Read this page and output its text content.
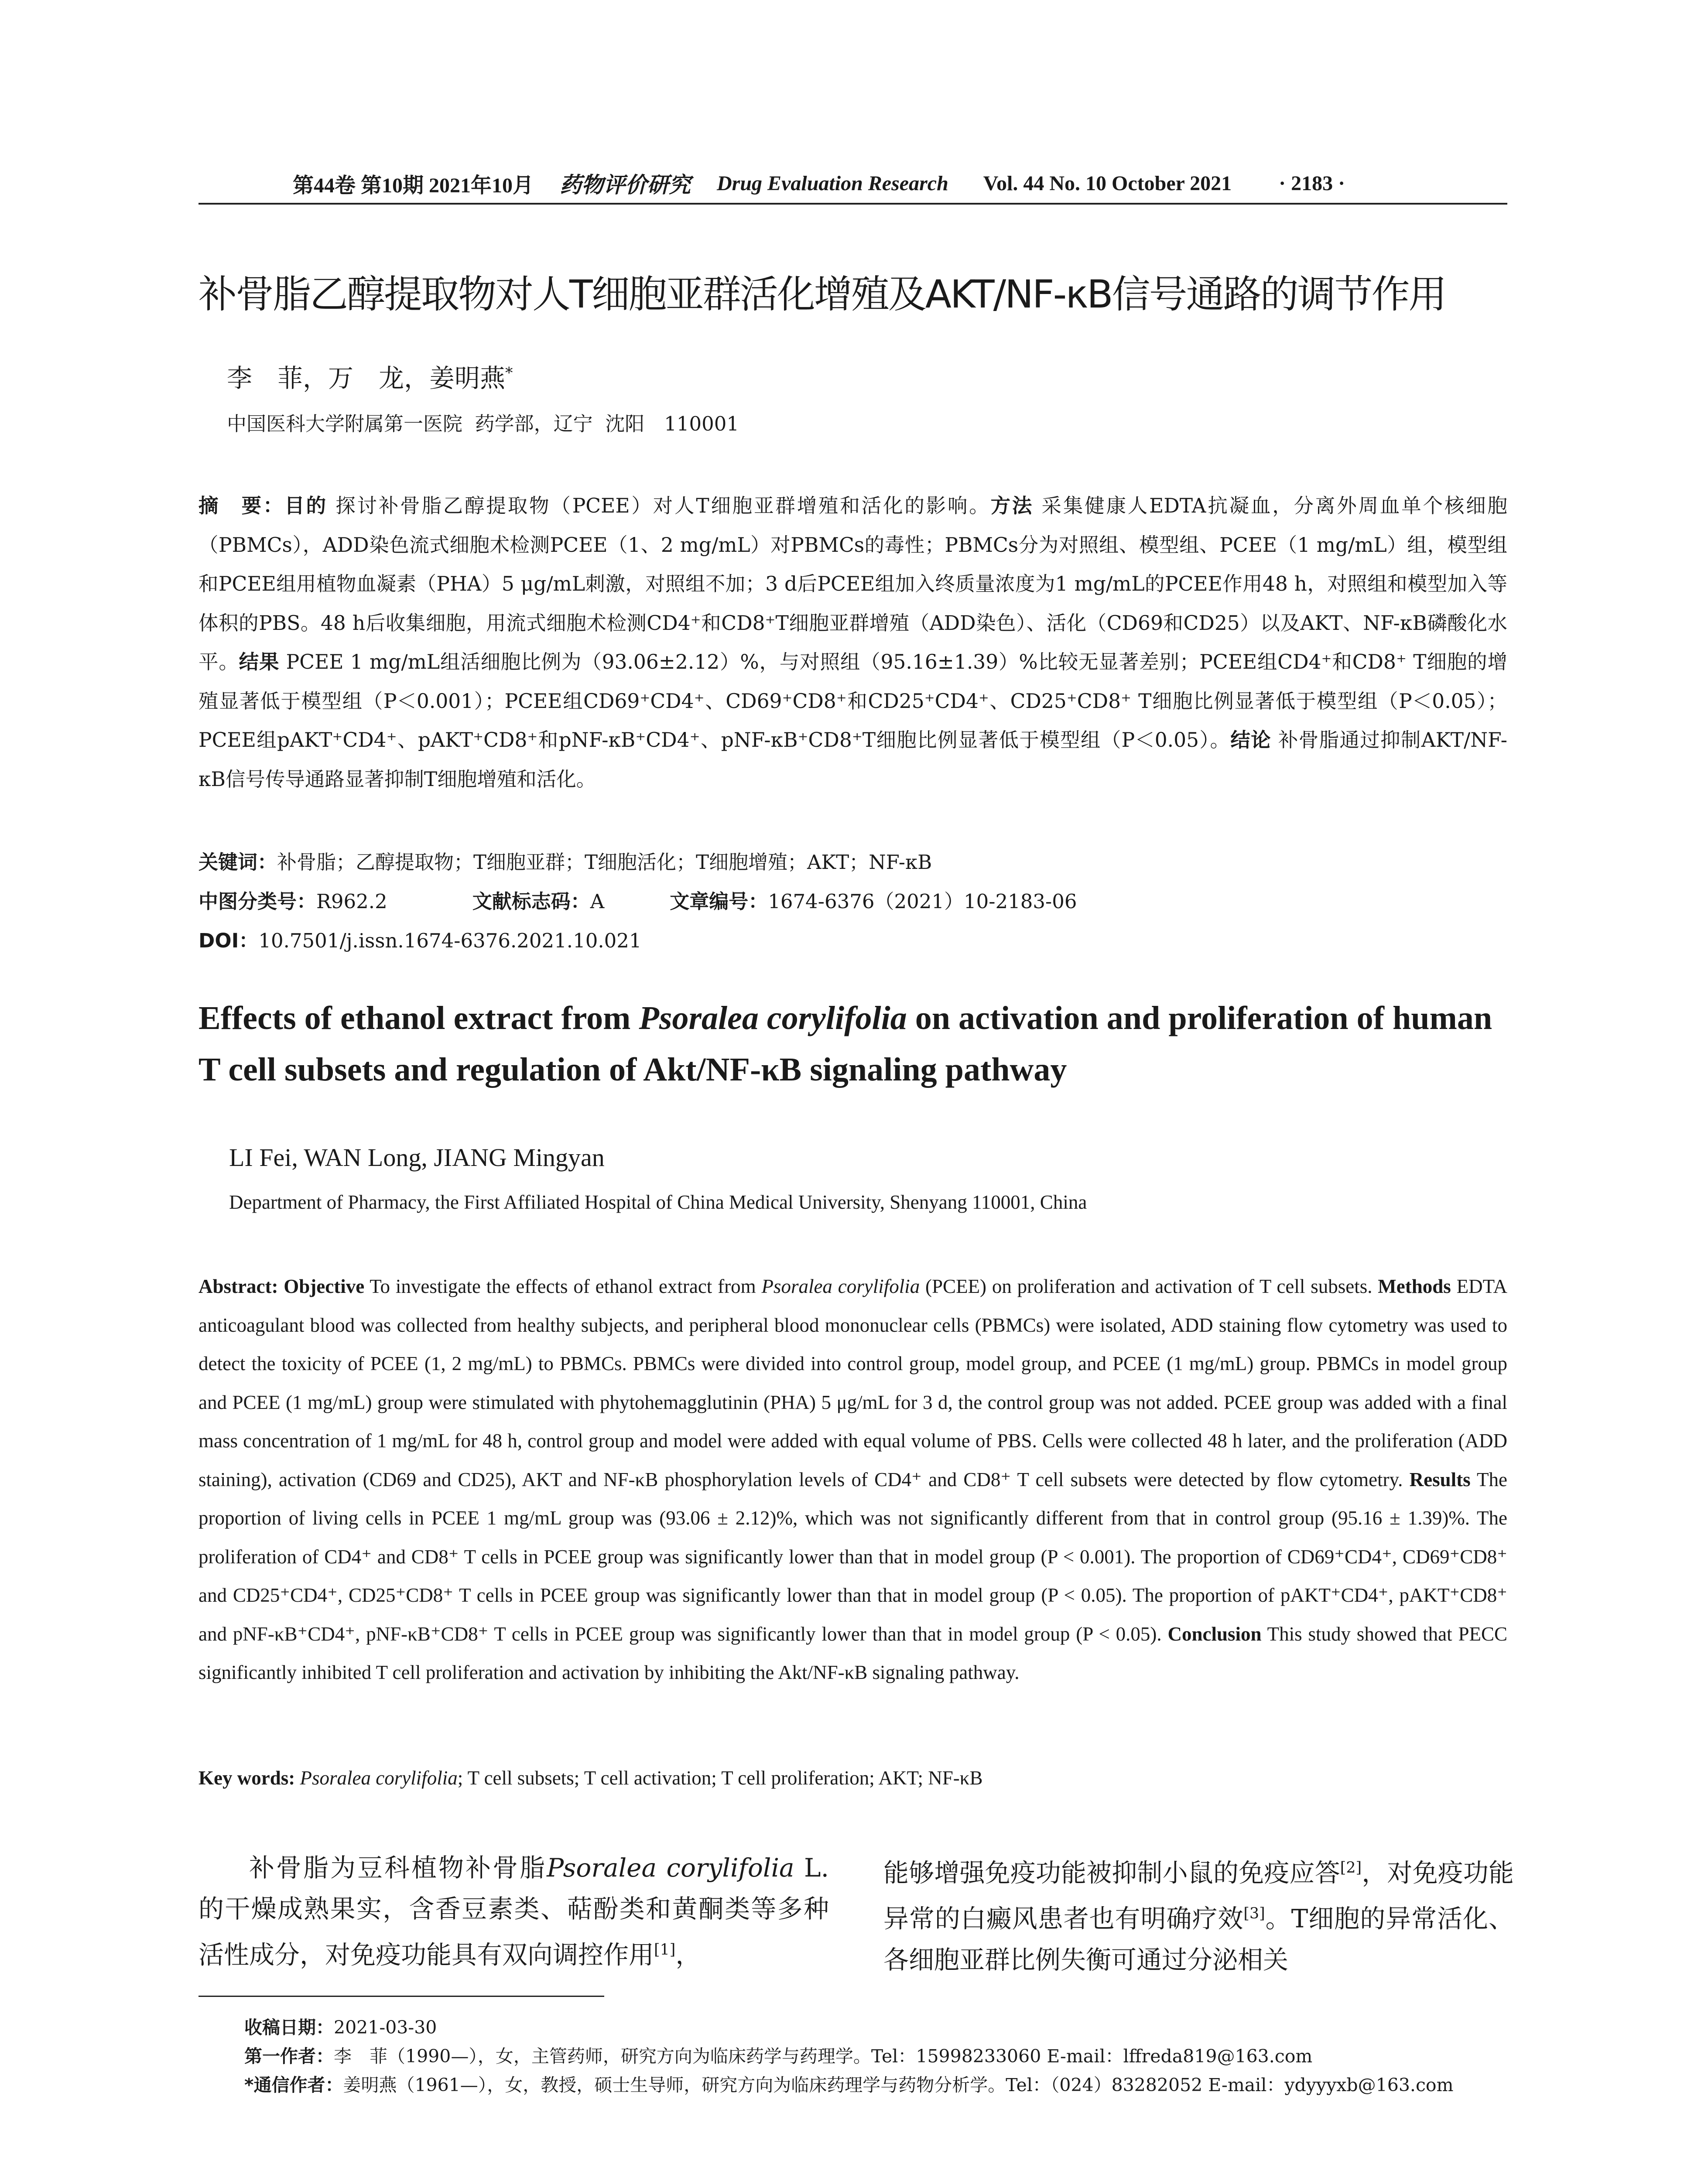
第44卷 第10期 2021年10月 药物评价研究 Drug Evaluation Research Vol. 44 No. 10 October 2021 · 2183 ·
补骨脂乙醇提取物对人T细胞亚群活化增殖及AKT/NF-κB信号通路的调节作用
李　菲，万　龙，姜明燕*
中国医科大学附属第一医院  药学部，辽宁  沈阳　110001
摘　要：目的 探讨补骨脂乙醇提取物（PCEE）对人T细胞亚群增殖和活化的影响。方法 采集健康人EDTA抗凝血，分离外周血单个核细胞（PBMCs），ADD染色流式细胞术检测PCEE（1、2 mg/mL）对PBMCs的毒性；PBMCs分为对照组、模型组、PCEE（1 mg/mL）组，模型组和PCEE组用植物血凝素（PHA）5 μg/mL刺激，对照组不加；3 d后PCEE组加入终质量浓度为1 mg/mL的PCEE作用48 h，对照组和模型加入等体积的PBS。48 h后收集细胞，用流式细胞术检测CD4⁺和CD8⁺T细胞亚群增殖（ADD染色）、活化（CD69和CD25）以及AKT、NF-κB磷酸化水平。结果 PCEE 1 mg/mL组活细胞比例为（93.06±2.12）%，与对照组（95.16±1.39）%比较无显著差别；PCEE组CD4⁺和CD8⁺ T细胞的增殖显著低于模型组（P＜0.001）；PCEE组CD69⁺CD4⁺、CD69⁺CD8⁺和CD25⁺CD4⁺、CD25⁺CD8⁺ T细胞比例显著低于模型组（P＜0.05）；PCEE组pAKT⁺CD4⁺、pAKT⁺CD8⁺和pNF-κB⁺CD4⁺、pNF-κB⁺CD8⁺T细胞比例显著低于模型组（P＜0.05）。结论 补骨脂通过抑制AKT/NF-κB信号传导通路显著抑制T细胞增殖和活化。
关键词：补骨脂；乙醇提取物；T细胞亚群；T细胞活化；T细胞增殖；AKT；NF-κB
中图分类号：R962.2	文献标志码：A	文章编号：1674-6376（2021）10-2183-06
DOI：10.7501/j.issn.1674-6376.2021.10.021
Effects of ethanol extract from Psoralea corylifolia on activation and proliferation of human T cell subsets and regulation of Akt/NF-κB signaling pathway
LI Fei, WAN Long, JIANG Mingyan
Department of Pharmacy, the First Affiliated Hospital of China Medical University, Shenyang 110001, China
Abstract: Objective To investigate the effects of ethanol extract from Psoralea corylifolia (PCEE) on proliferation and activation of T cell subsets. Methods EDTA anticoagulant blood was collected from healthy subjects, and peripheral blood mononuclear cells (PBMCs) were isolated, ADD staining flow cytometry was used to detect the toxicity of PCEE (1, 2 mg/mL) to PBMCs. PBMCs were divided into control group, model group, and PCEE (1 mg/mL) group. PBMCs in model group and PCEE (1 mg/mL) group were stimulated with phytohemagglutinin (PHA) 5 μg/mL for 3 d, the control group was not added. PCEE group was added with a final mass concentration of 1 mg/mL for 48 h, control group and model were added with equal volume of PBS. Cells were collected 48 h later, and the proliferation (ADD staining), activation (CD69 and CD25), AKT and NF-κB phosphorylation levels of CD4⁺ and CD8⁺ T cell subsets were detected by flow cytometry. Results The proportion of living cells in PCEE 1 mg/mL group was (93.06 ± 2.12)%, which was not significantly different from that in control group (95.16 ± 1.39)%. The proliferation of CD4⁺ and CD8⁺ T cells in PCEE group was significantly lower than that in model group (P < 0.001). The proportion of CD69⁺CD4⁺, CD69⁺CD8⁺ and CD25⁺CD4⁺, CD25⁺CD8⁺ T cells in PCEE group was significantly lower than that in model group (P < 0.05). The proportion of pAKT⁺CD4⁺, pAKT⁺CD8⁺ and pNF-κB⁺CD4⁺, pNF-κB⁺CD8⁺ T cells in PCEE group was significantly lower than that in model group (P < 0.05). Conclusion This study showed that PECC significantly inhibited T cell proliferation and activation by inhibiting the Akt/NF-κB signaling pathway.
Key words: Psoralea corylifolia; T cell subsets; T cell activation; T cell proliferation; AKT; NF-κB

补骨脂为豆科植物补骨脂Psoralea corylifolia L.的干燥成熟果实，含香豆素类、萜酚类和黄酮类等多种活性成分，对免疫功能具有双向调控作用[1]，

能够增强免疫功能被抑制小鼠的免疫应答[2]，对免疫功能异常的白癜风患者也有明确疗效[3]。T细胞的异常活化、各细胞亚群比例失衡可通过分泌相关

收稿日期：2021-03-30
第一作者：李　菲（1990—），女，主管药师，研究方向为临床药学与药理学。Tel：15998233060 E-mail：lffreda819@163.com
*通信作者：姜明燕（1961—），女，教授，硕士生导师，研究方向为临床药理学与药物分析学。Tel：（024）83282052 E-mail：ydyyyxb@163.com
